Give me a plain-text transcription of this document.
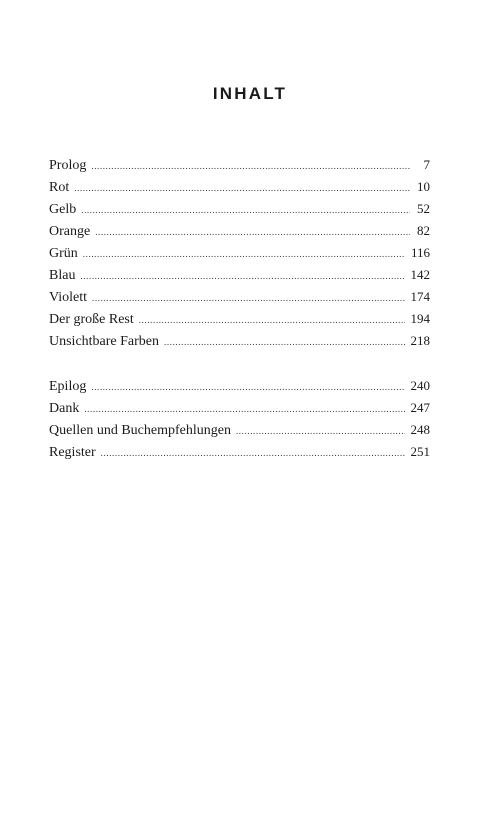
INHALT
Prolog .....	7
Rot .....	10
Gelb .....	52
Orange .....	82
Grün .....	116
Blau .....	142
Violett .....	174
Der große Rest .....	194
Unsichtbare Farben .....	218
Epilog .....	240
Dank .....	247
Quellen und Buchempfehlungen .....	248
Register .....	251
